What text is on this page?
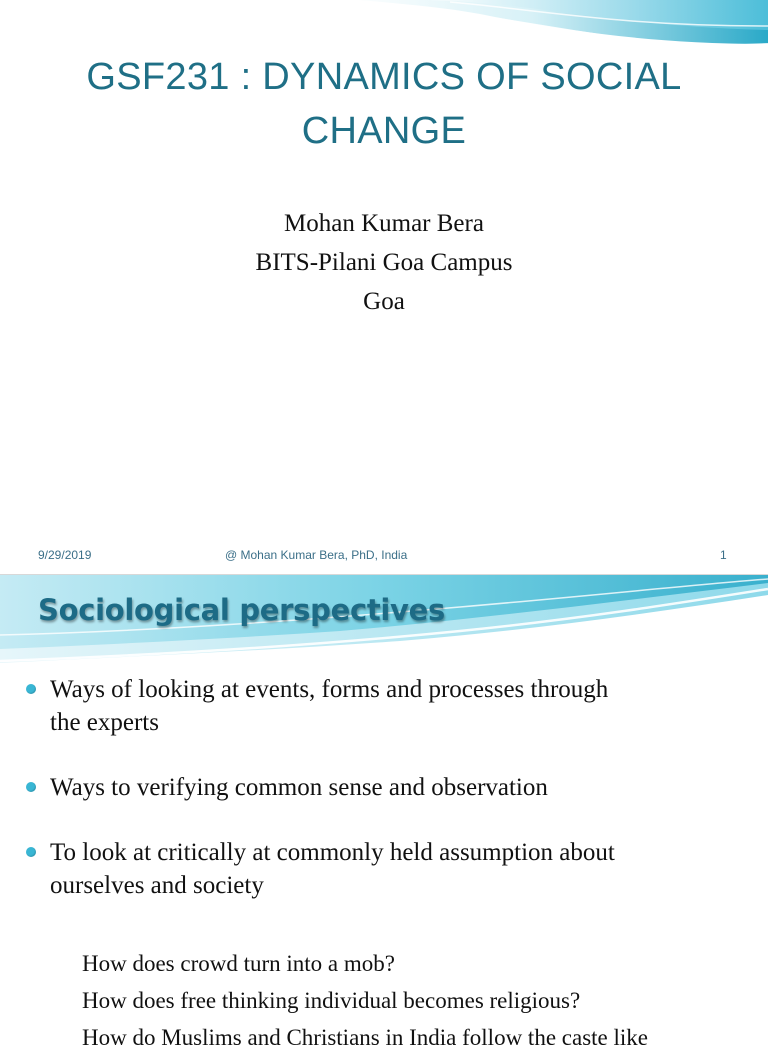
GSF231 : DYNAMICS OF SOCIAL
CHANGE
Mohan Kumar Bera
BITS-Pilani Goa Campus
Goa
9/29/2019	@ Mohan Kumar Bera, PhD, India	1
Sociological perspectives
Ways of looking at events, forms and processes through
the experts
Ways to verifying common sense and observation
To look at critically at commonly held assumption about
ourselves and society
How does crowd turn into a mob?
How does free thinking individual becomes religious?
How do Muslims and Christians in India follow the caste like
